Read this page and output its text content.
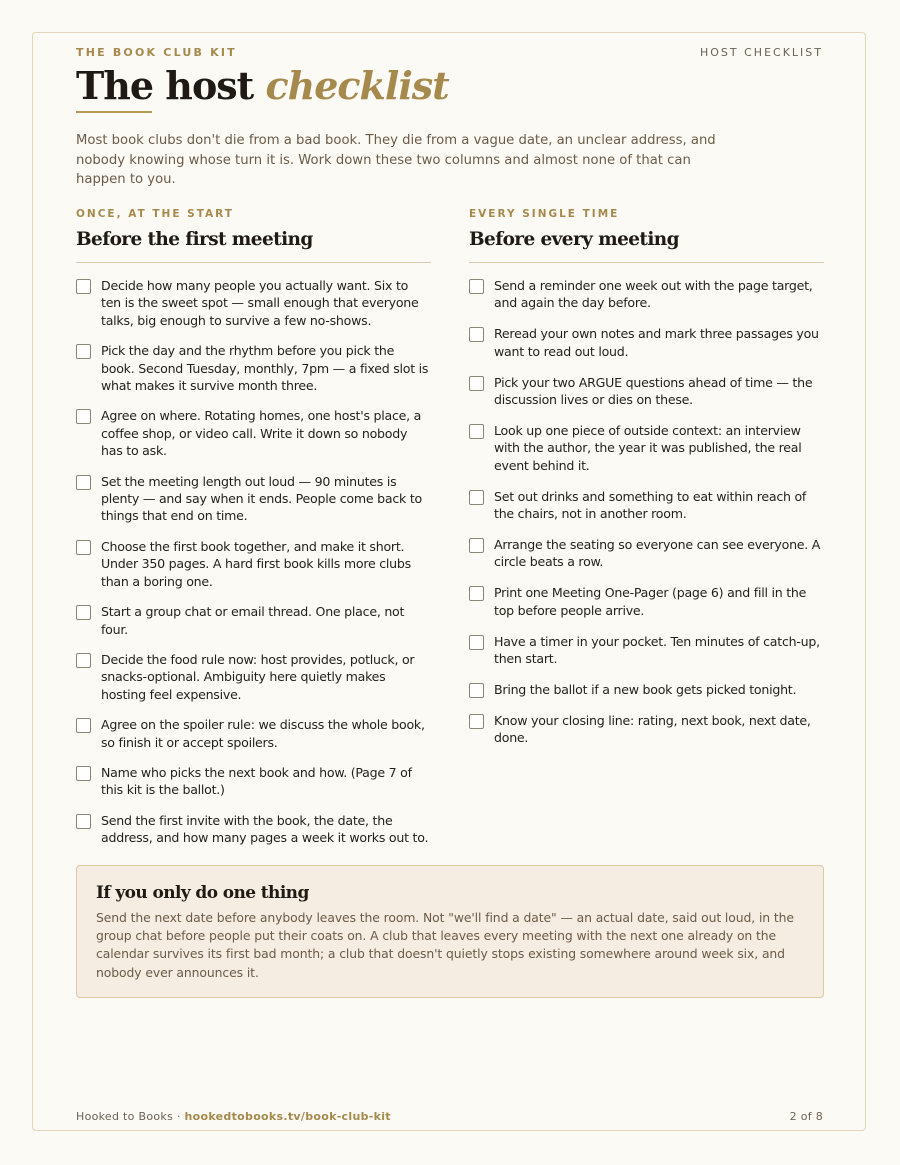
THE BOOK CLUB KIT	HOST CHECKLIST
The host checklist

Most book clubs don't die from a bad book. They die from a vague date, an unclear address, and nobody knowing whose turn it is. Work down these two columns and almost none of that can happen to you.

ONCE, AT THE START
Before the first meeting
Decide how many people you actually want. Six to ten is the sweet spot — small enough that everyone talks, big enough to survive a few no-shows.
Pick the day and the rhythm before you pick the book. Second Tuesday, monthly, 7pm — a fixed slot is what makes it survive month three.
Agree on where. Rotating homes, one host's place, a coffee shop, or video call. Write it down so nobody has to ask.
Set the meeting length out loud — 90 minutes is plenty — and say when it ends. People come back to things that end on time.
Choose the first book together, and make it short. Under 350 pages. A hard first book kills more clubs than a boring one.
Start a group chat or email thread. One place, not four.
Decide the food rule now: host provides, potluck, or snacks-optional. Ambiguity here quietly makes hosting feel expensive.
Agree on the spoiler rule: we discuss the whole book, so finish it or accept spoilers.
Name who picks the next book and how. (Page 7 of this kit is the ballot.)
Send the first invite with the book, the date, the address, and how many pages a week it works out to.
EVERY SINGLE TIME
Before every meeting
Send a reminder one week out with the page target, and again the day before.
Reread your own notes and mark three passages you want to read out loud.
Pick your two ARGUE questions ahead of time — the discussion lives or dies on these.
Look up one piece of outside context: an interview with the author, the year it was published, the real event behind it.
Set out drinks and something to eat within reach of the chairs, not in another room.
Arrange the seating so everyone can see everyone. A circle beats a row.
Print one Meeting One-Pager (page 6) and fill in the top before people arrive.
Have a timer in your pocket. Ten minutes of catch-up, then start.
Bring the ballot if a new book gets picked tonight.
Know your closing line: rating, next book, next date, done.
If you only do one thing

Send the next date before anybody leaves the room. Not "we'll find a date" — an actual date, said out loud, in the group chat before people put their coats on. A club that leaves every meeting with the next one already on the calendar survives its first bad month; a club that doesn't quietly stops existing somewhere around week six, and nobody ever announces it.

Hooked to Books · hookedtobooks.tv/book-club-kit	2 of 8
